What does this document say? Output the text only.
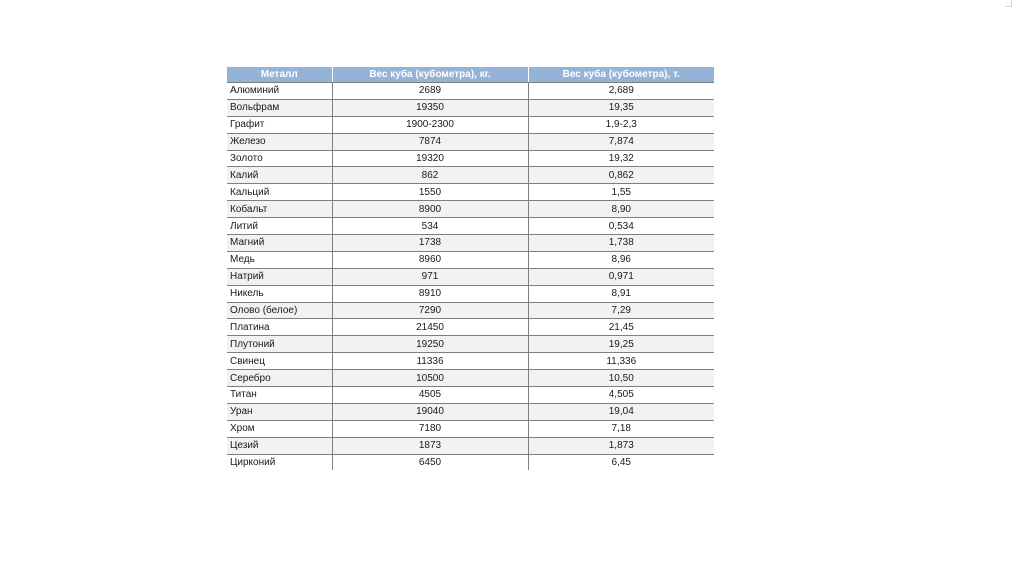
Металл	Вес куба (кубометра), кг.	Вес куба (кубометра), т.
Алюминий	2689	2,689
Вольфрам	19350	19,35
Графит	1900-2300	1,9-2,3
Железо	7874	7,874
Золото	19320	19,32
Калий	862	0,862
Кальций	1550	1,55
Кобальт	8900	8,90
Литий	534	0,534
Магний	1738	1,738
Медь	8960	8,96
Натрий	971	0,971
Никель	8910	8,91
Олово (белое)	7290	7,29
Платина	21450	21,45
Плутоний	19250	19,25
Свинец	11336	11,336
Серебро	10500	10,50
Титан	4505	4,505
Уран	19040	19,04
Хром	7180	7,18
Цезий	1873	1,873
Цирконий	6450	6,45
